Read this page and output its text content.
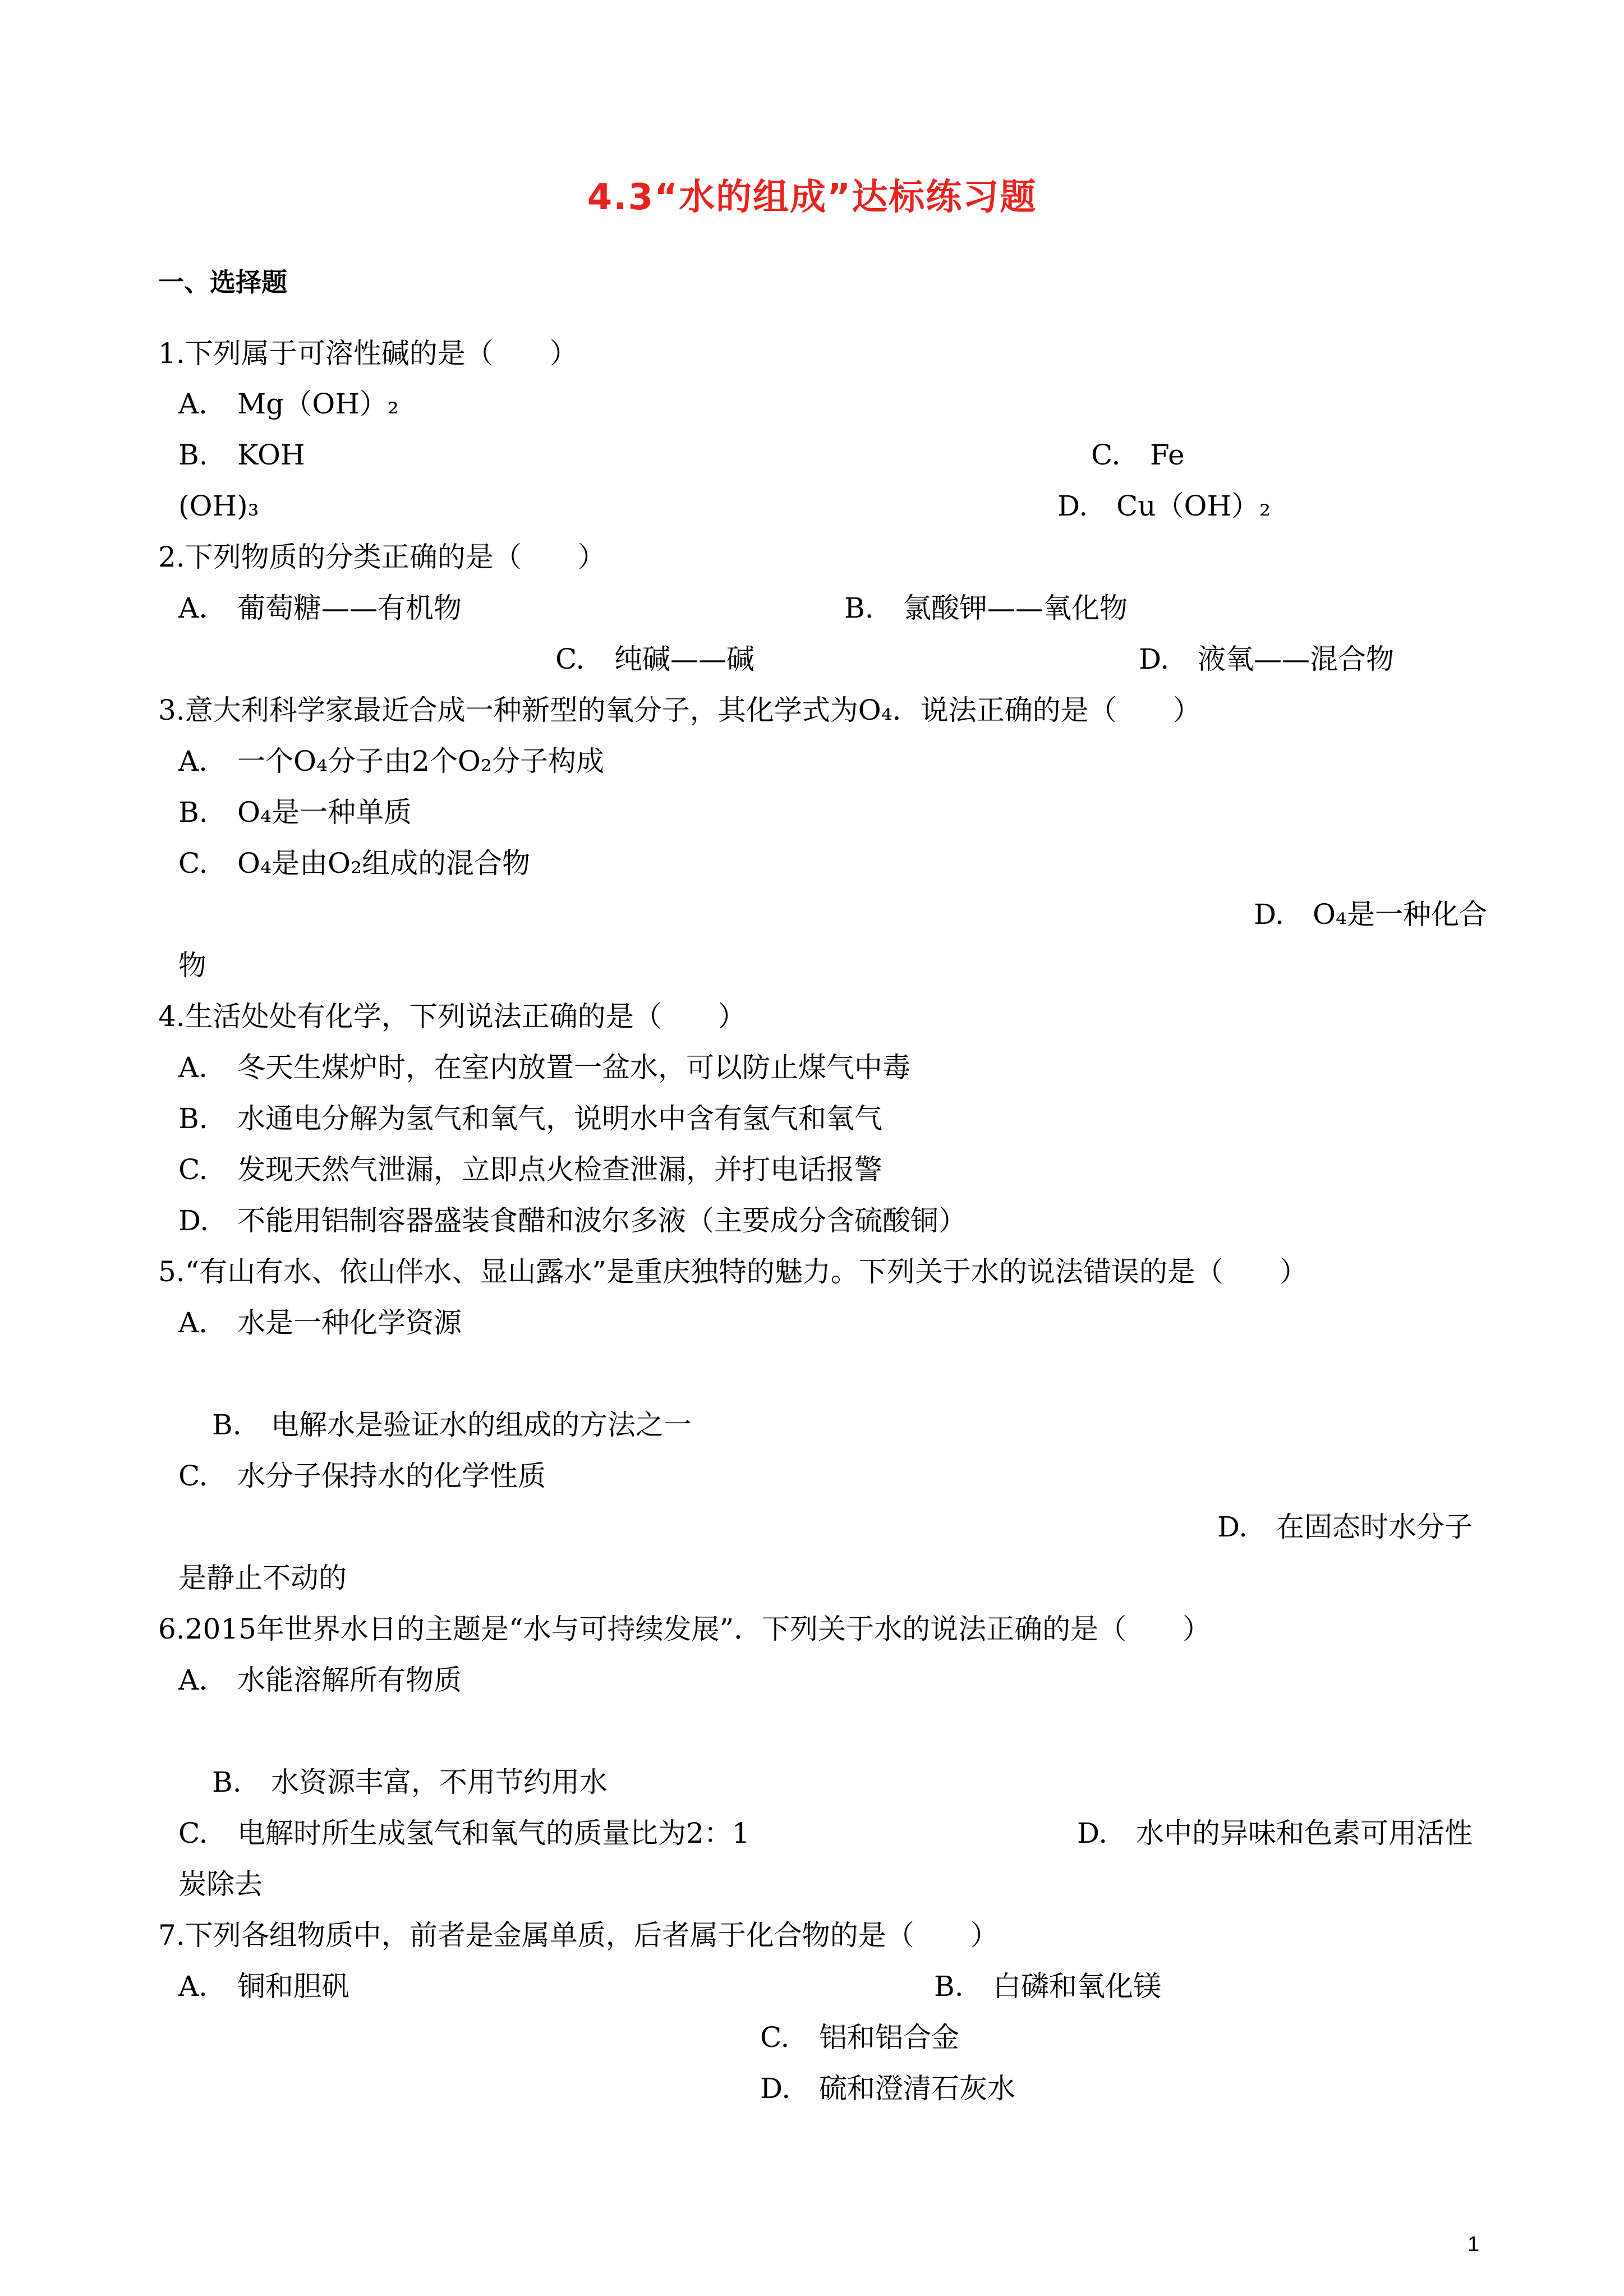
4.3“水的组成”达标练习题
一、选择题
1.下列属于可溶性碱的是（　　）
A. Mg（OH）₂
B. KOH	C. Fe
(OH)₃	D. Cu（OH）₂
2.下列物质的分类正确的是（　　）
A. 葡萄糖——有机物	B. 氯酸钾——氧化物
C. 纯碱——碱	D. 液氧——混合物
3.意大利科学家最近合成一种新型的氧分子，其化学式为O₄．说法正确的是（　　）
A. 一个O₄分子由2个O₂分子构成
B. O₄是一种单质
C. O₄是由O₂组成的混合物
D. O₄是一种化合
物
4.生活处处有化学，下列说法正确的是（　　）
A. 冬天生煤炉时，在室内放置一盆水，可以防止煤气中毒
B. 水通电分解为氢气和氧气，说明水中含有氢气和氧气
C. 发现天然气泄漏，立即点火检查泄漏，并打电话报警
D. 不能用铝制容器盛装食醋和波尔多液（主要成分含硫酸铜）
5.“有山有水、依山伴水、显山露水”是重庆独特的魅力。下列关于水的说法错误的是（　　）
A. 水是一种化学资源
B. 电解水是验证水的组成的方法之一
C. 水分子保持水的化学性质
D. 在固态时水分子
是静止不动的
6.2015年世界水日的主题是“水与可持续发展”．下列关于水的说法正确的是（　　）
A. 水能溶解所有物质
B. 水资源丰富，不用节约用水
C. 电解时所生成氢气和氧气的质量比为2：1	D. 水中的异味和色素可用活性
炭除去
7.下列各组物质中，前者是金属单质，后者属于化合物的是（　　）
A. 铜和胆矾	B. 白磷和氧化镁
C. 铝和铝合金
D. 硫和澄清石灰水
1
